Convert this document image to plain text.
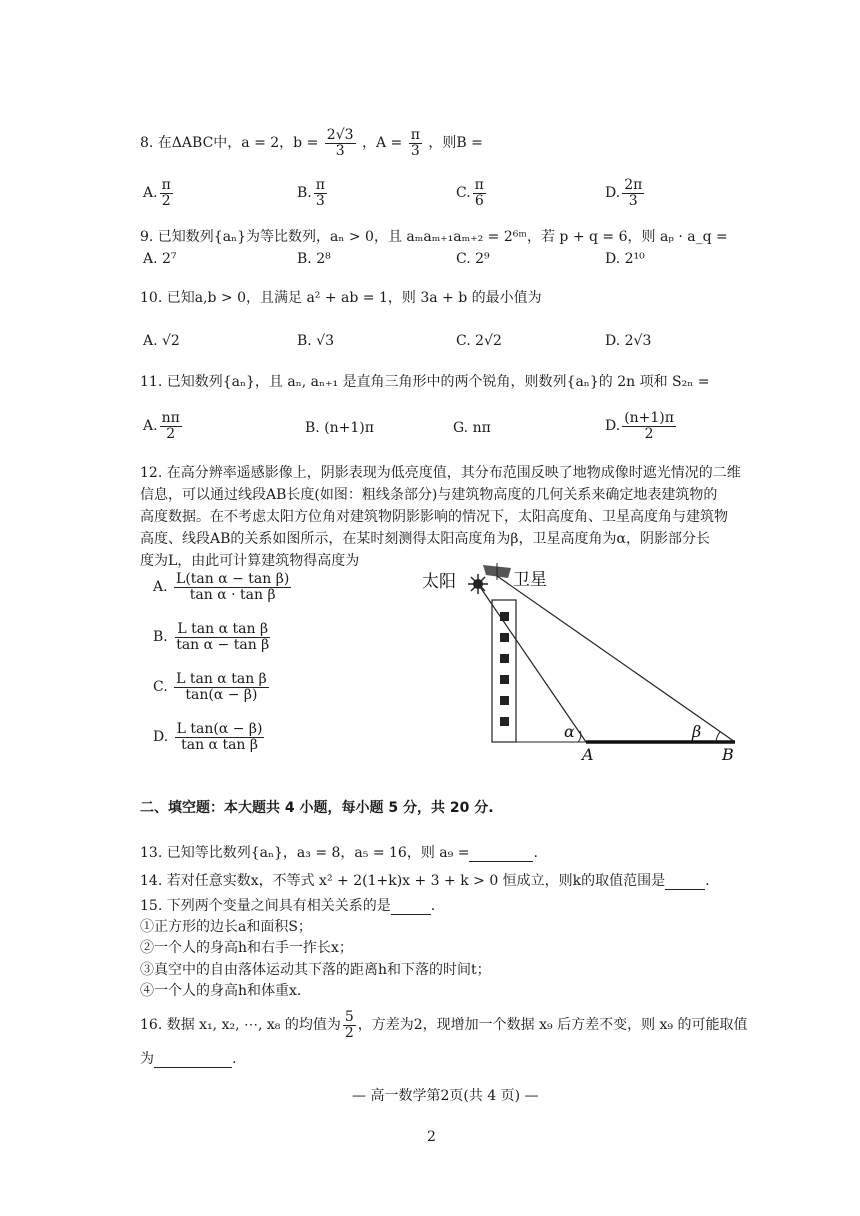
8. 在ΔABC中，a = 2，$b = \frac{2√3}{3}$ ，$A = \frac{\pi}{3}$ ，则B =
A. $\frac{\pi}{2}$	B. $\frac{\pi}{3}$	C. $\frac{\pi}{6}$	D. $\frac{2\pi}{3}$
9. 已知数列{aₙ}为等比数列，aₙ > 0，且 aₘaₘ₊₁aₘ₊₂ = 2⁶ᵐ，若 p + q = 6，则 aₚ · a_q =
A. 2⁷	B. 2⁸	C. 2⁹	D. 2¹⁰
10. 已知a,b > 0，且满足 a² + ab = 1，则 3a + b 的最小值为
A. √2	B. √3	C. 2√2	D. 2√3
11. 已知数列{aₙ}，且 aₙ, aₙ₊₁ 是直角三角形中的两个锐角，则数列{aₙ}的 2n 项和 S₂ₙ =
A. $\frac{n\pi}{2}$	B. (n+1)π	G. nπ	D. $\frac{(n+1)\pi}{2}$
12. 在高分辨率遥感影像上，阴影表现为低亮度值，其分布范围反映了地物成像时遮光情况的二维
信息，可以通过线段AB长度(如图：粗线条部分)与建筑物高度的几何关系来确定地表建筑物的
高度数据。在不考虑太阳方位角对建筑物阴影影响的情况下，太阳高度角、卫星高度角与建筑物
高度、线段AB的关系如图所示，在某时刻测得太阳高度角为β，卫星高度角为α，阴影部分长
度为L，由此可计算建筑物得高度为
A. $\frac{\text{L(tan α − tan β)}}{\text{tan α · tan β}}$
B. $\frac{\text{L tan α tan β}}{\text{tan α − tan β}}$
C. $\frac{\text{L tan α tan β}}{\tan(\alpha - \beta)}$
D. $\frac{\text{L tan(α − β)}}{\text{tan α tan β}}$
太阳	卫星
α	β
A	B
二、填空题：本大题共 4 小题，每小题 5 分，共 20 分.
13. 已知等比数列{aₙ}，a₃ = 8，a₅ = 16，则 a₉ =	.
14. 若对任意实数x，不等式 x² + 2(1+k)x + 3 + k > 0 恒成立，则k的取值范围是	.
15. 下列两个变量之间具有相关关系的是	.
①正方形的边长a和面积S；
②一个人的身高h和右手一拃长x；
③真空中的自由落体运动其下落的距离h和下落的时间t；
④一个人的身高h和体重x.
16. 数据 x₁, x₂, ⋯, x₈ 的均值为 $\frac{5}{2}$ ，方差为2，现增加一个数据 x₉ 后方差不变，则 x₉ 的可能取值
为	.
— 高一数学第2页(共 4 页) —
2
